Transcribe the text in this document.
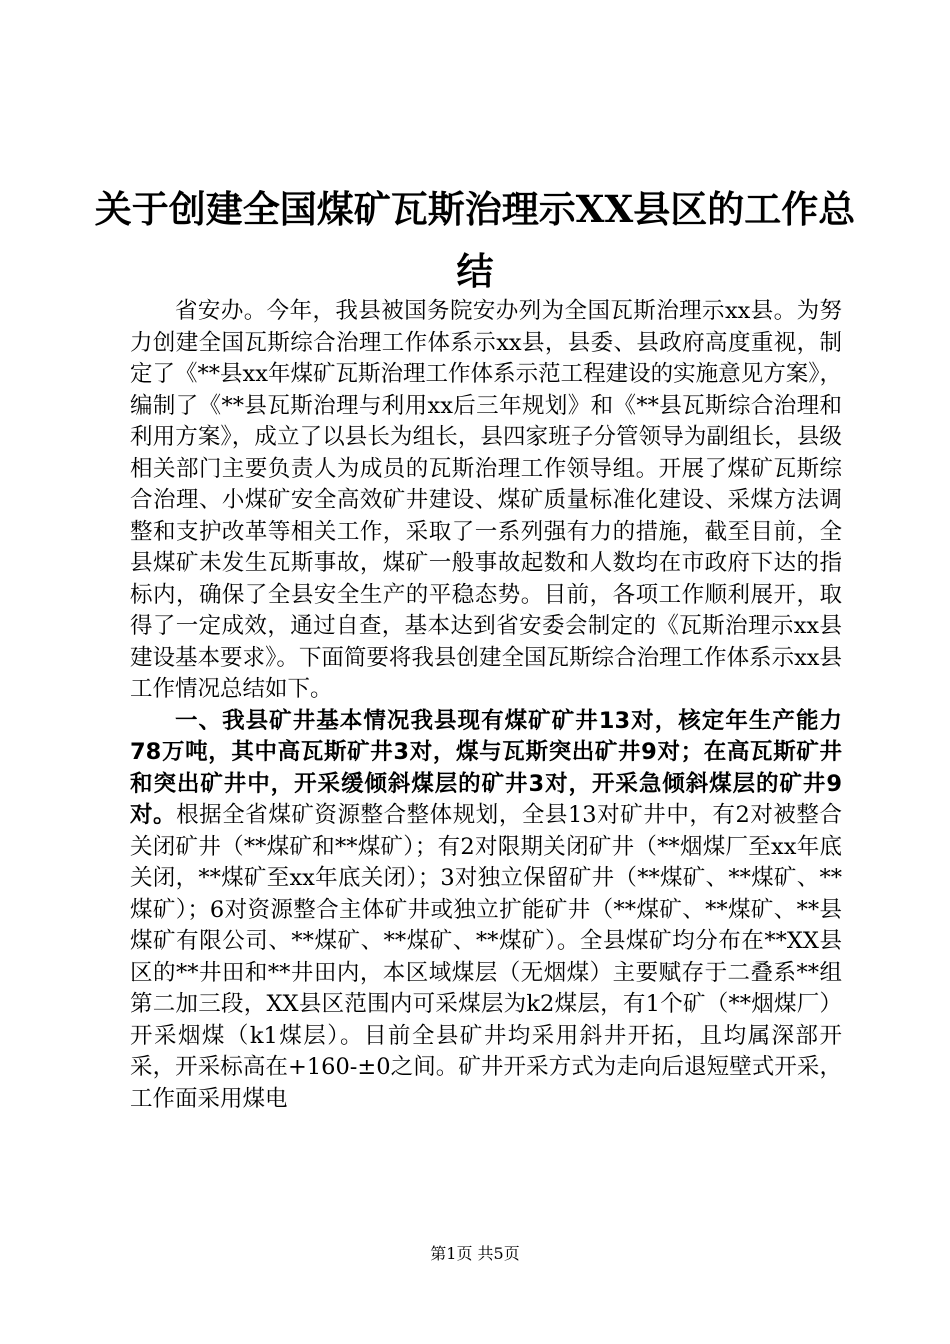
关于创建全国煤矿瓦斯治理示XX县区的工作总结

省安办。今年，我县被国务院安办列为全国瓦斯治理示xx县。为努力创建全国瓦斯综合治理工作体系示xx县，县委、县政府高度重视，制定了《**县xx年煤矿瓦斯治理工作体系示范工程建设的实施意见方案》，编制了《**县瓦斯治理与利用xx后三年规划》和《**县瓦斯综合治理和利用方案》，成立了以县长为组长，县四家班子分管领导为副组长，县级相关部门主要负责人为成员的瓦斯治理工作领导组。开展了煤矿瓦斯综合治理、小煤矿安全高效矿井建设、煤矿质量标准化建设、采煤方法调整和支护改革等相关工作，采取了一系列强有力的措施，截至目前，全县煤矿未发生瓦斯事故，煤矿一般事故起数和人数均在市政府下达的指标内，确保了全县安全生产的平稳态势。目前，各项工作顺利展开，取得了一定成效，通过自查，基本达到省安委会制定的《瓦斯治理示xx县建设基本要求》。下面简要将我县创建全国瓦斯综合治理工作体系示xx县工作情况总结如下。

一、我县矿井基本情况我县现有煤矿矿井13对，核定年生产能力78万吨，其中高瓦斯矿井3对，煤与瓦斯突出矿井9对；在高瓦斯矿井和突出矿井中，开采缓倾斜煤层的矿井3对，开采急倾斜煤层的矿井9对。根据全省煤矿资源整合整体规划，全县13对矿井中，有2对被整合关闭矿井（**煤矿和**煤矿）；有2对限期关闭矿井（**烟煤厂至xx年底关闭，**煤矿至xx年底关闭）；3对独立保留矿井（**煤矿、**煤矿、**煤矿）；6对资源整合主体矿井或独立扩能矿井（**煤矿、**煤矿、**县煤矿有限公司、**煤矿、**煤矿、**煤矿）。全县煤矿均分布在**XX县区的**井田和**井田内，本区域煤层（无烟煤）主要赋存于二叠系**组第二加三段，XX县区范围内可采煤层为k2煤层，有1个矿（**烟煤厂）开采烟煤（k1煤层）。目前全县矿井均采用斜井开拓，且均属深部开采，开采标高在+160-±0之间。矿井开采方式为走向后退短壁式开采，工作面采用煤电

第1页 共5页
